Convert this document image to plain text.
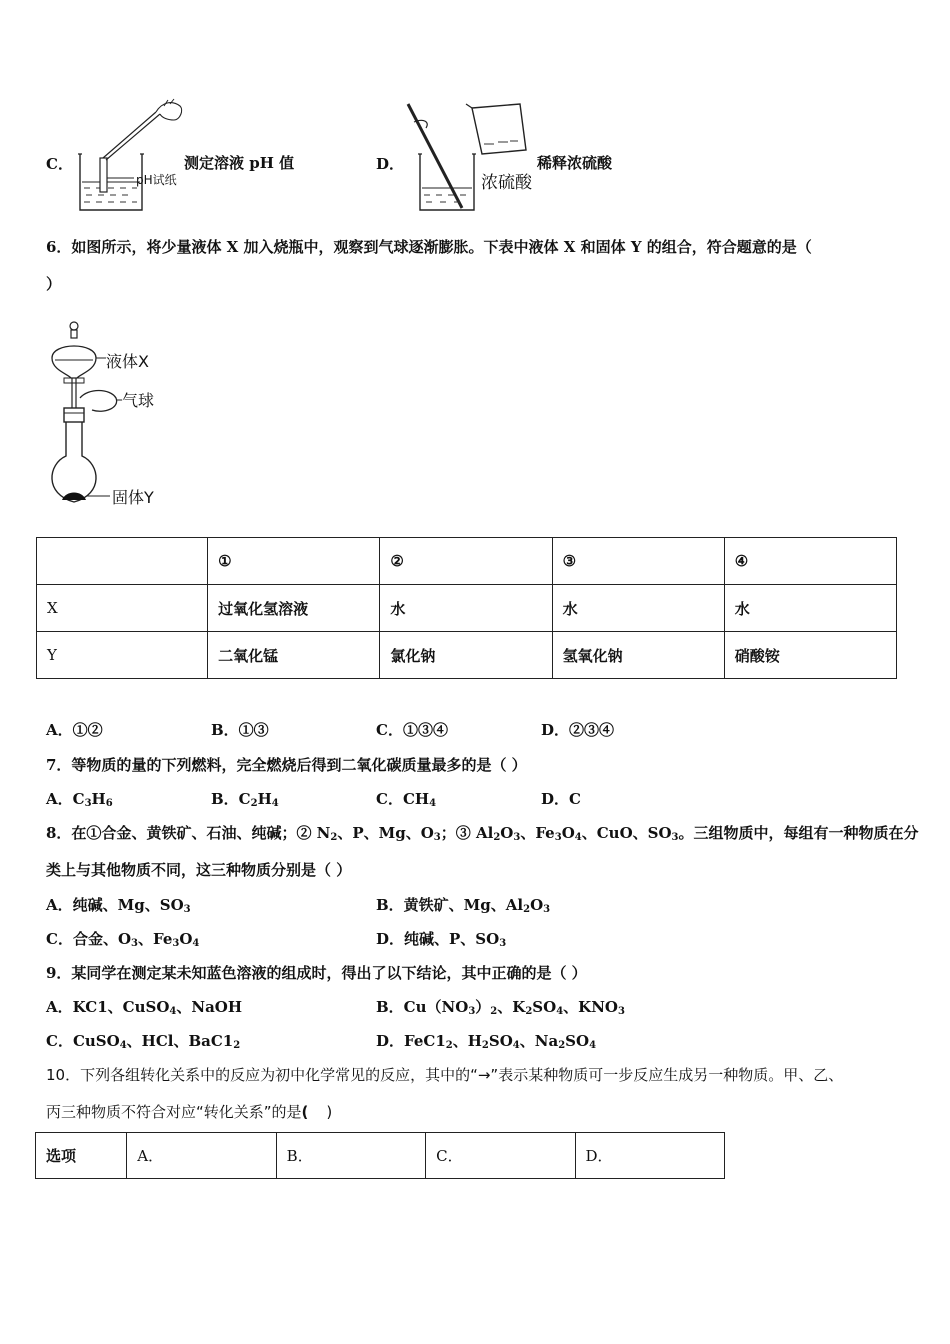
C．
pH试纸
测定溶液 pH 值	D．
浓硫酸
稀释浓硫酸
6．如图所示，将少量液体 X 加入烧瓶中，观察到气球逐渐膨胀。下表中液体 X 和固体 Y 的组合，符合题意的是（
）
液体X
气球
固体Y
	①	②	③	④
X	过氧化氢溶液	水	水	水
Y	二氧化锰	氯化钠	氢氧化钠	硝酸铵
A．①②	B．①③	C．①③④	D．②③④
7．等物质的量的下列燃料，完全燃烧后得到二氧化碳质量最多的是（ ）
A．$C_3H_6$	B．$C_2H_4$	C．$CH_4$	D．C
8．在①合金、黄铁矿、石油、纯碱；② $N_2$、P、Mg、$O_3$；③ $Al_2O_3$、$Fe_3O_4$、CuO、$SO_3$。三组物质中，每组有一种物质在分
类上与其他物质不同，这三种物质分别是（ ）
A．纯碱、Mg、$SO_3$	B．黄铁矿、Mg、$Al_2O_3$
C．合金、$O_3$、$Fe_3O_4$	D．纯碱、P、$SO_3$
9．某同学在测定某未知蓝色溶液的组成时，得出了以下结论，其中正确的是（ ）
A．KC1、CuSO$_4$、NaOH	B．$Cu(NO_3)_2$、$K_2SO_4$、$KNO_3$
C．CuSO$_4$、HCl、$BaC1_2$	D．$FeC1_2$、$H_2SO_4$、$Na_2SO_4$
10．下列各组转化关系中的反应为初中化学常见的反应，其中的“→”表示某种物质可一步反应生成另一种物质。甲、乙、
丙三种物质不符合对应“转化关系”的是( )
选项	A．	B．	C．	D．
